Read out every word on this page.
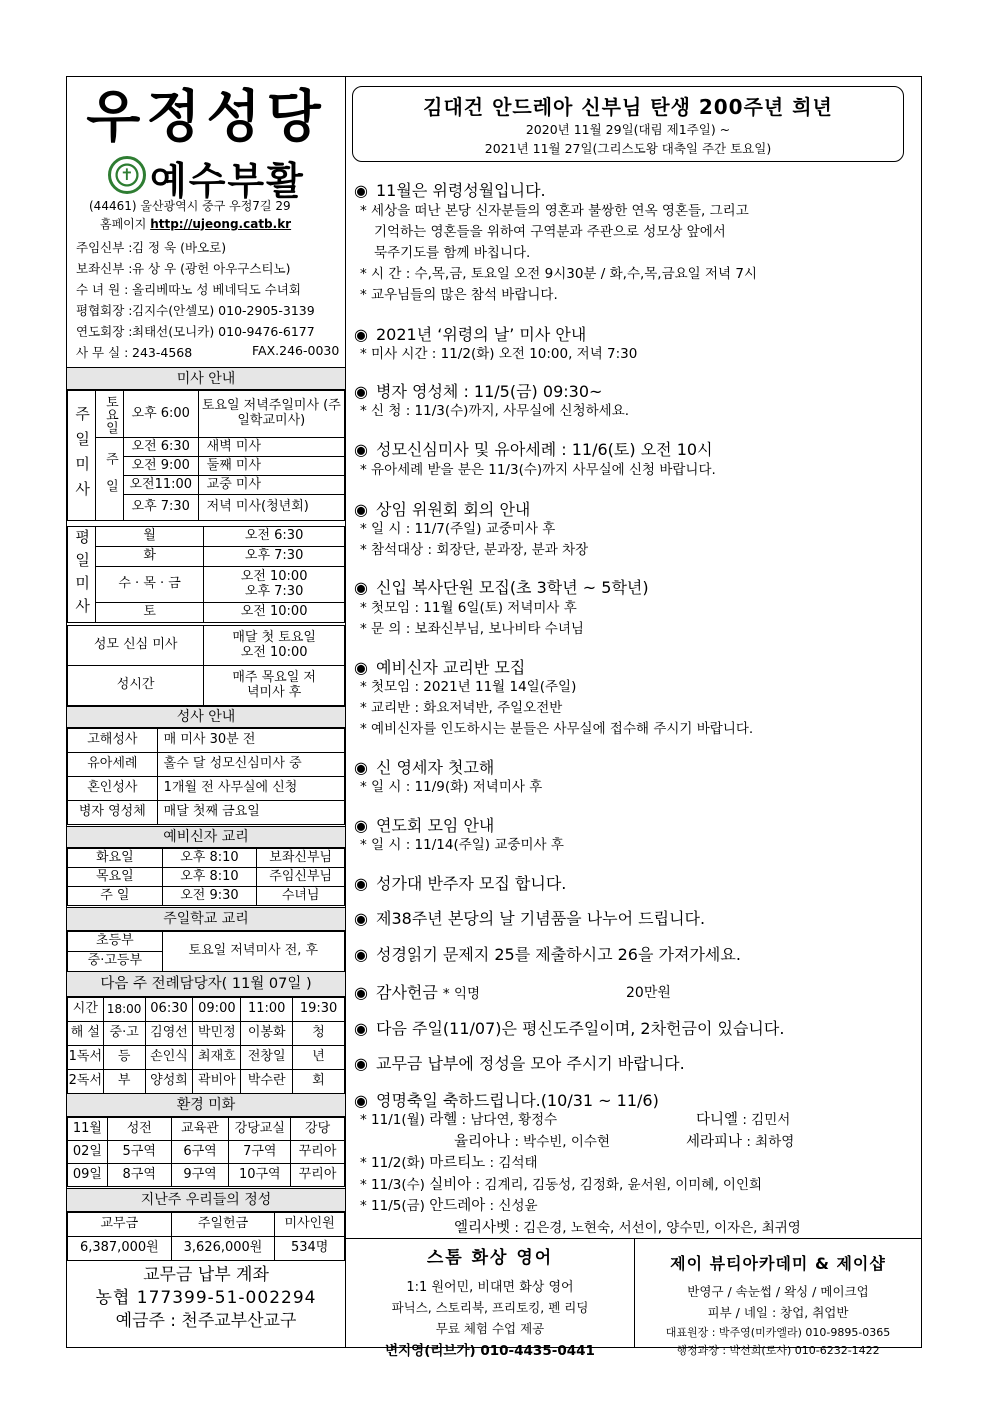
우정성당
✝ 예수부활
(44461) 울산광역시 중구 우정7길 29
홈페이지 http://ujeong.catb.kr
주임신부 :김 정 욱 (바오로)
보좌신부 :유 상 우 (광헌 아우구스티노)
수 녀 원 : 올리베따노 성 베네딕도 수녀회
평협회장 :김지수(안셀모) 010-2905-3139
연도회장 :최태선(모니카) 010-9476-6177
사 무 실 : 243-4568	FAX.246-0030
미사 안내
주일미사	토요일	오후 6:00	토요일 저녁주일미사 (주일학교미사)
	주일	오전 6:30	새벽 미사
		오전 9:00	둘째 미사
		오전11:00	교중 미사
		오후 7:30	저녁 미사(청년회)
평일미사	월	오전 6:30
	화	오후 7:30
	수 · 목 · 금	오전 10:00 오후 7:30
	토	오전 10:00
성모 신심 미사	매달 첫 토요일 오전 10:00
성시간	매주 목요일 저녁미사 후
성사 안내
고해성사	매 미사 30분 전
유아세례	홀수 달 성모신심미사 중
혼인성사	1개월 전 사무실에 신청
병자 영성체	매달 첫째 금요일
예비신자 교리
화요일	오후 8:10	보좌신부님
목요일	오후 8:10	주임신부님
주 일	오전 9:30	수녀님
주일학교 교리
초등부	토요일 저녁미사 전, 후
중·고등부
다음 주 전례담당자( 11월 07일 )
시간	18:00	06:30	09:00	11:00	19:30
해 설	중·고	김영선	박민정	이봉화	청
1독서	등	손인식	최재호	전창일	년
2독서	부	양성희	곽비아	박수란	회
환경 미화
11월	성전	교육관	강당교실	강당
02일	5구역	6구역	7구역	꾸리아
09일	8구역	9구역	10구역	꾸리아
지난주 우리들의 정성
교무금	주일헌금	미사인원
6,387,000원	3,626,000원	534명
교무금 납부 계좌
농협 177399-51-002294
예금주 : 천주교부산교구
김대건 안드레아 신부님 탄생 200주년 희년
2020년 11월 29일(대림 제1주일) ~
2021년 11월 27일(그리스도왕 대축일 주간 토요일)
◉ 11월은 위령성월입니다.
* 세상을 떠난 본당 신자분들의 영혼과 불쌍한 연옥 영혼들, 그리고
기억하는 영혼들을 위하여 구역분과 주관으로 성모상 앞에서
묵주기도를 함께 바칩니다.
* 시 간 : 수,목,금, 토요일 오전 9시30분 / 화,수,목,금요일 저녁 7시
* 교우님들의 많은 참석 바랍니다.
◉ 2021년 ‘위령의 날’ 미사 안내
* 미사 시간 : 11/2(화) 오전 10:00, 저녁 7:30
◉ 병자 영성체 : 11/5(금) 09:30~
* 신 청 : 11/3(수)까지, 사무실에 신청하세요.
◉ 성모신심미사 및 유아세례 : 11/6(토) 오전 10시
* 유아세례 받을 분은 11/3(수)까지 사무실에 신청 바랍니다.
◉ 상임 위원회 회의 안내
* 일 시 : 11/7(주일) 교중미사 후
* 참석대상 : 회장단, 분과장, 분과 차장
◉ 신입 복사단원 모집(초 3학년 ~ 5학년)
* 첫모임 : 11월 6일(토) 저녁미사 후
* 문 의 : 보좌신부님, 보나비타 수녀님
◉ 예비신자 교리반 모집
* 첫모임 : 2021년 11월 14일(주일)
* 교리반 : 화요저녁반, 주일오전반
* 예비신자를 인도하시는 분들은 사무실에 접수해 주시기 바랍니다.
◉ 신 영세자 첫고해
* 일 시 : 11/9(화) 저녁미사 후
◉ 연도회 모임 안내
* 일 시 : 11/14(주일) 교중미사 후
◉ 성가대 반주자 모집 합니다.
◉ 제38주년 본당의 날 기념품을 나누어 드립니다.
◉ 성경읽기 문제지 25를 제출하시고 26을 가져가세요.
◉ 감사헌금 * 익명	20만원
◉ 다음 주일(11/07)은 평신도주일이며, 2차헌금이 있습니다.
◉ 교무금 납부에 정성을 모아 주시기 바랍니다.
◉ 영명축일 축하드립니다.(10/31 ~ 11/6)
* 11/1(월) 라헬 : 남다연, 황정수	다니엘 : 김민서
율리아나 : 박수빈, 이수현	세라피나 : 최하영
* 11/2(화) 마르티노 : 김석태
* 11/3(수) 실비아 : 김계리, 김동성, 김정화, 윤서원, 이미혜, 이인희
* 11/5(금) 안드레아 : 신성윤
엘리사벳 : 김은경, 노현숙, 서선이, 양수민, 이자은, 최귀영
스톰 화상 영어
1:1 원어민, 비대면 화상 영어
파닉스, 스토리북, 프리토킹, 펜 리딩
무료 체험 수업 제공
변지영(리브가) 010-4435-0441
제이 뷰티아카데미 & 제이샵
반영구 / 속눈썹 / 왁싱 / 메이크업
피부 / 네일 : 창업, 취업반
대표원장 : 박주영(미카엘라) 010-9895-0365
행정과장 : 박선희(로사) 010-6232-1422
